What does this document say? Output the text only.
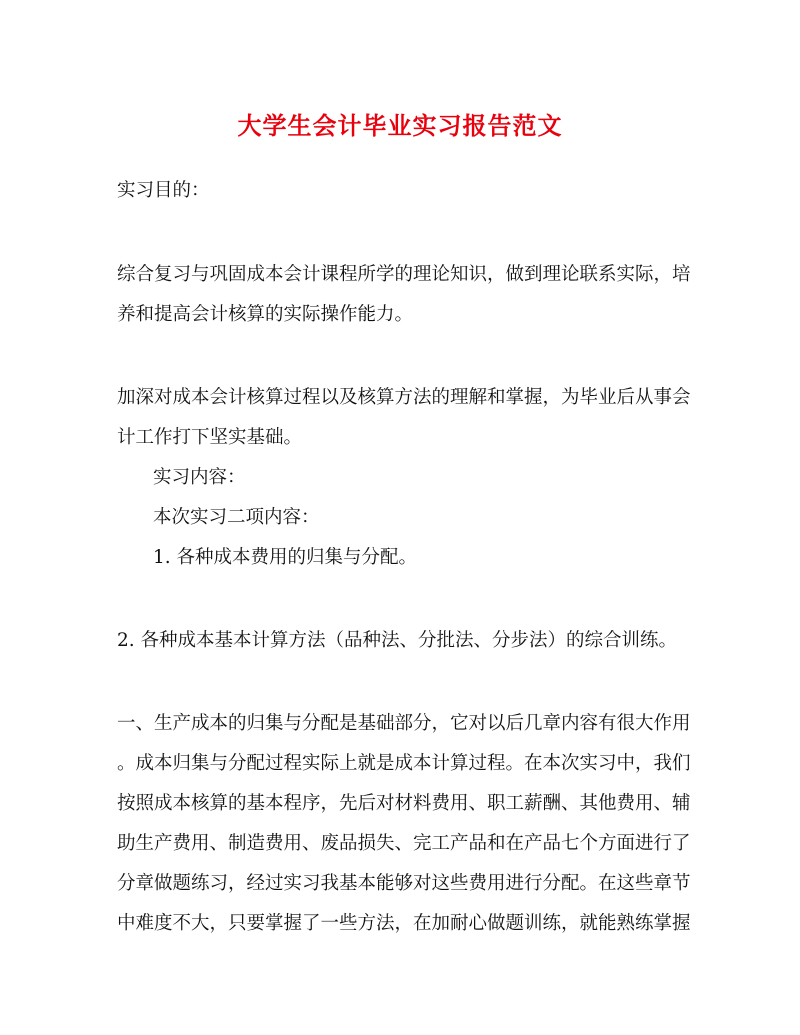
大学生会计毕业实习报告范文
实习目的：
综合复习与巩固成本会计课程所学的理论知识，做到理论联系实际，培
养和提高会计核算的实际操作能力。
加深对成本会计核算过程以及核算方法的理解和掌握，为毕业后从事会
计工作打下坚实基础。
实习内容：
本次实习二项内容：
1. 各种成本费用的归集与分配。
2. 各种成本基本计算方法（品种法、分批法、分步法）的综合训练。
一、生产成本的归集与分配是基础部分，它对以后几章内容有很大作用
。成本归集与分配过程实际上就是成本计算过程。在本次实习中，我们
按照成本核算的基本程序，先后对材料费用、职工薪酬、其他费用、辅
助生产费用、制造费用、废品损失、完工产品和在产品七个方面进行了
分章做题练习，经过实习我基本能够对这些费用进行分配。在这些章节
中难度不大，只要掌握了一些方法，在加耐心做题训练，就能熟练掌握
